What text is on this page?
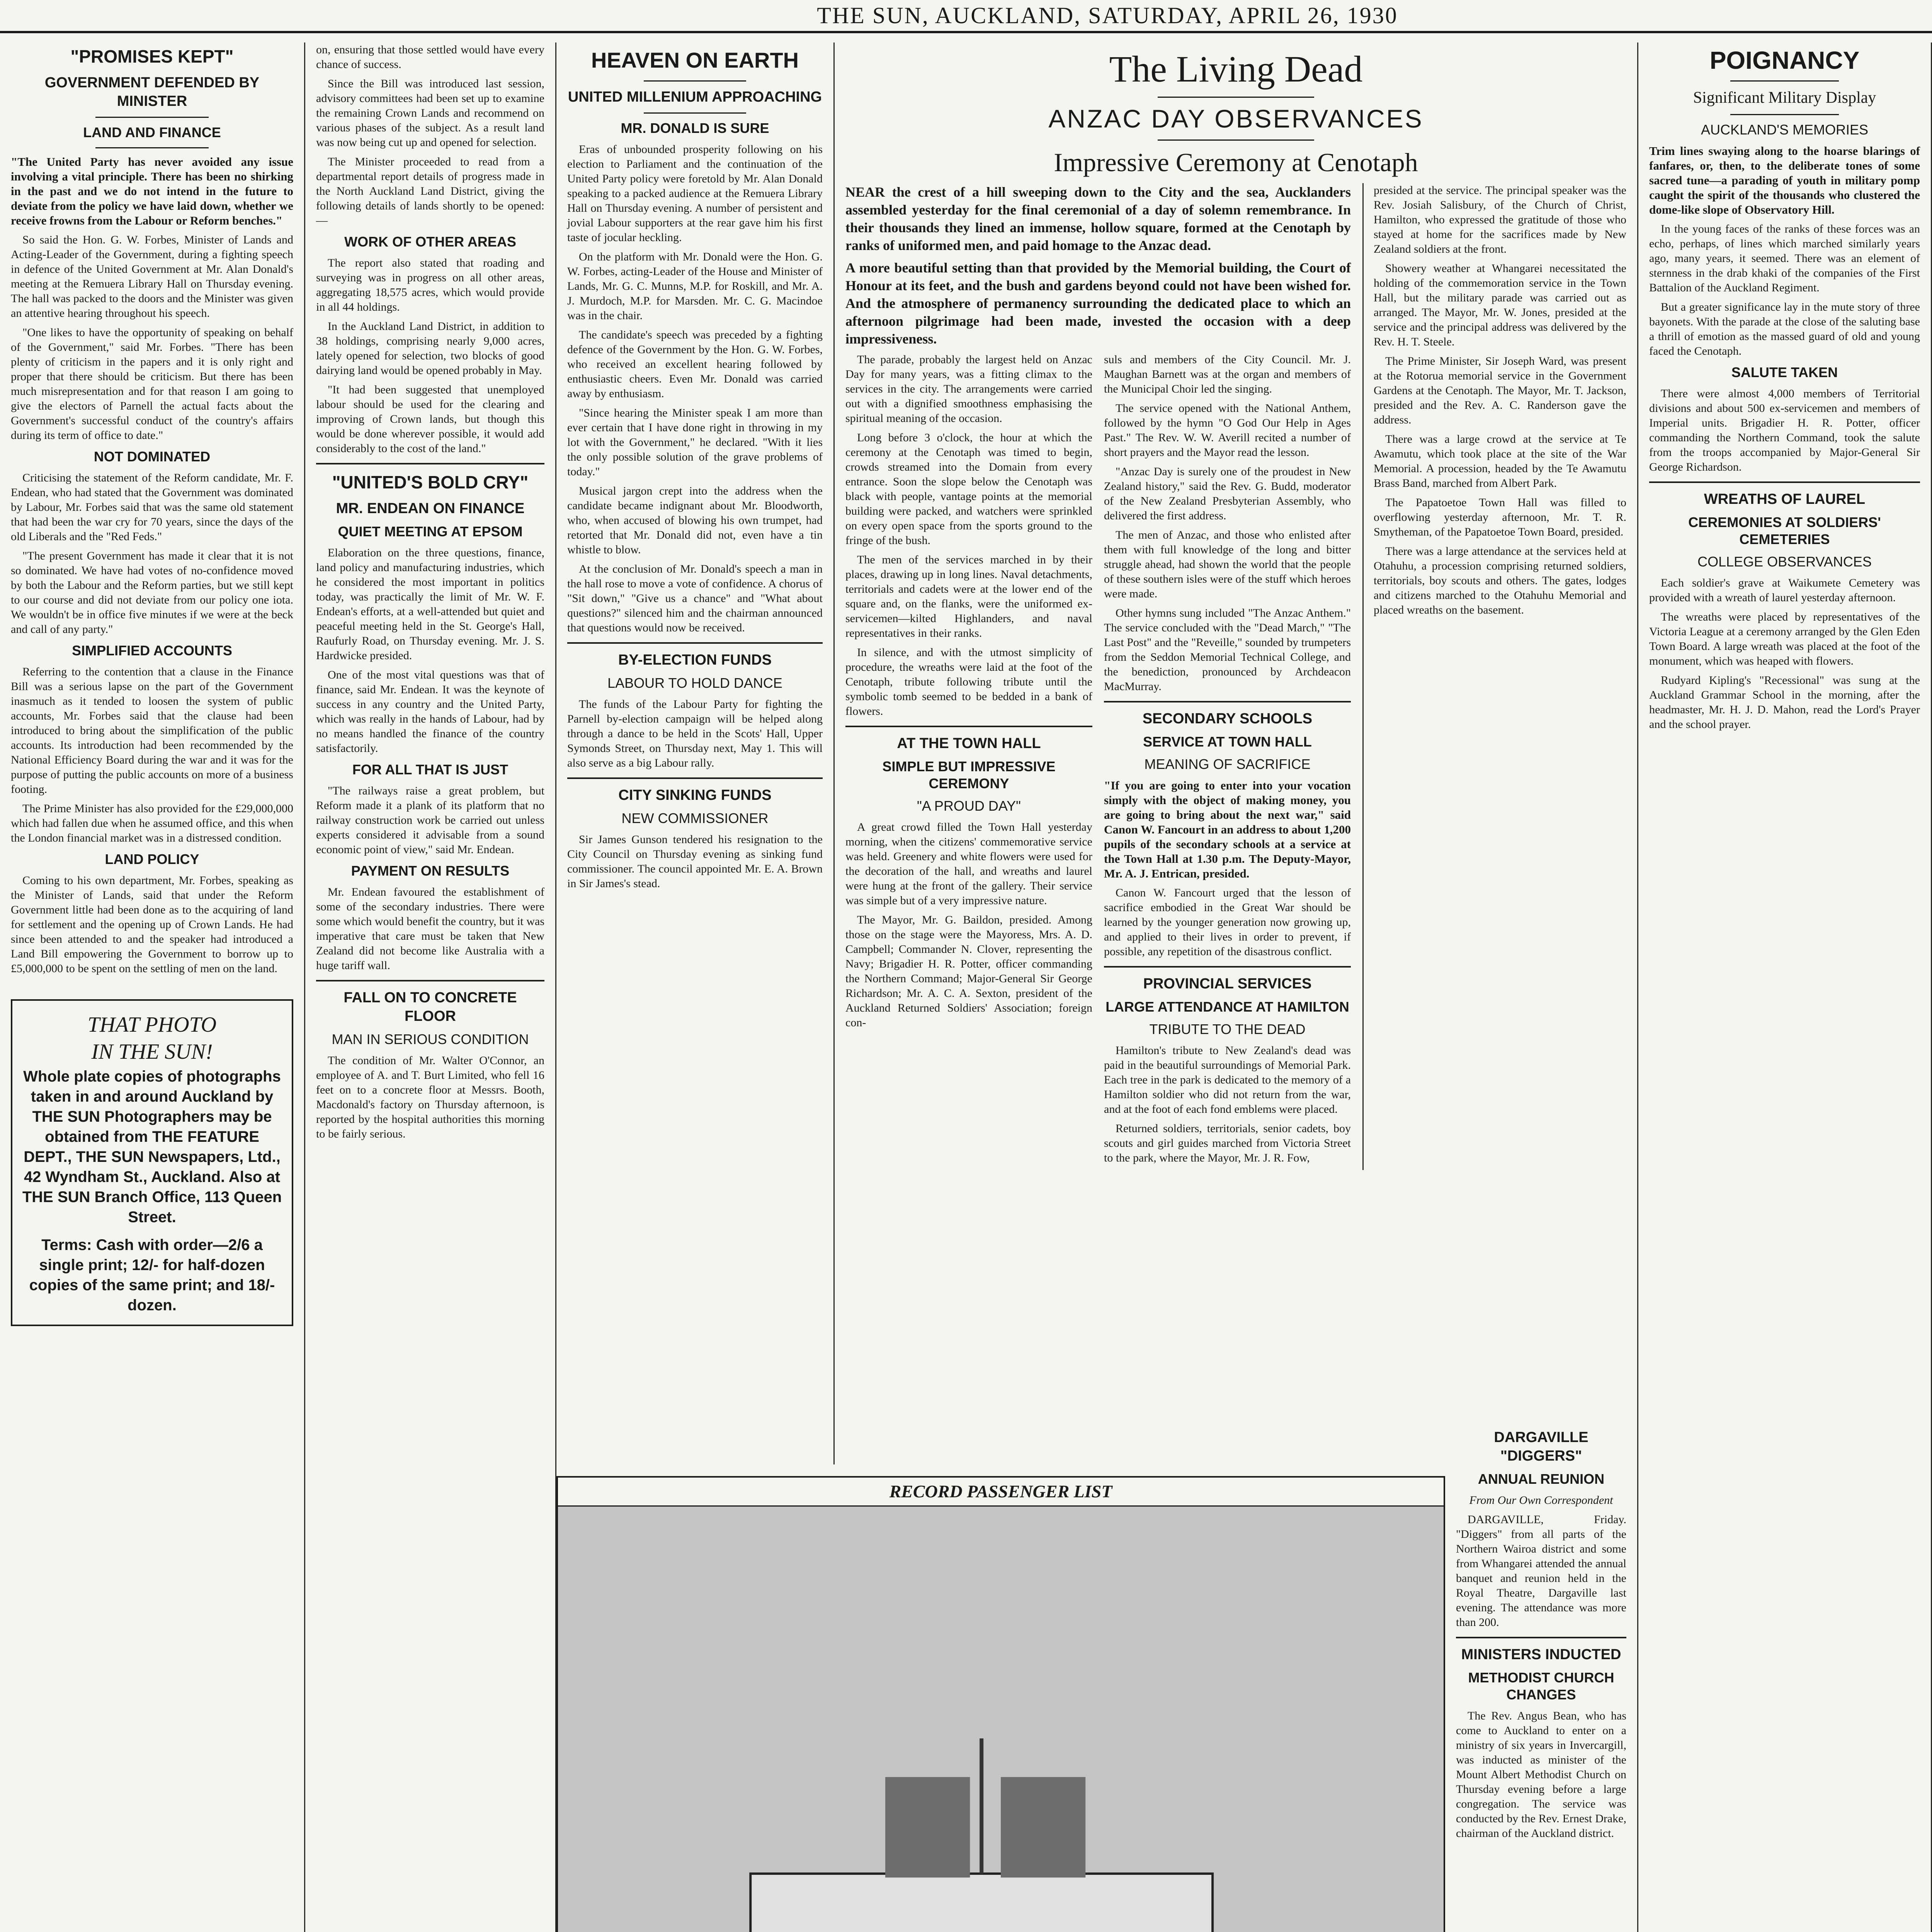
THE SUN, AUCKLAND, SATURDAY, APRIL 26, 1930
"PROMISES KEPT"
GOVERNMENT DEFENDED BY MINISTER
LAND AND FINANCE

"The United Party has never avoided any issue involving a vital principle. There has been no shirking in the past and we do not intend in the future to deviate from the policy we have laid down, whether we receive frowns from the Labour or Reform benches."

So said the Hon. G. W. Forbes, Minister of Lands and Acting-Leader of the Government, during a fighting speech in defence of the United Government at Mr. Alan Donald's meeting at the Remuera Library Hall on Thursday evening. The hall was packed to the doors and the Minister was given an attentive hearing throughout his speech.

"One likes to have the opportunity of speaking on behalf of the Government," said Mr. Forbes. "There has been plenty of criticism in the papers and it is only right and proper that there should be criticism. But there has been much misrepresentation and for that reason I am going to give the electors of Parnell the actual facts about the Government's successful conduct of the country's affairs during its term of office to date."

NOT DOMINATED

Criticising the statement of the Reform candidate, Mr. F. Endean, who had stated that the Government was dominated by Labour, Mr. Forbes said that was the same old statement that had been the war cry for 70 years, since the days of the old Liberals and the "Red Feds."

"The present Government has made it clear that it is not so dominated. We have had votes of no-confidence moved by both the Labour and the Reform parties, but we still kept to our course and did not deviate from our policy one iota. We wouldn't be in office five minutes if we were at the beck and call of any party."

SIMPLIFIED ACCOUNTS

Referring to the contention that a clause in the Finance Bill was a serious lapse on the part of the Government inasmuch as it tended to loosen the system of public accounts, Mr. Forbes said that the clause had been introduced to bring about the simplification of the public accounts. Its introduction had been recommended by the National Efficiency Board during the war and it was for the purpose of putting the public accounts on more of a business footing.

The Prime Minister has also provided for the £29,000,000 which had fallen due when he assumed office, and this when the London financial market was in a distressed condition.

LAND POLICY

Coming to his own department, Mr. Forbes, speaking as the Minister of Lands, said that under the Reform Government little had been done as to the acquiring of land for settlement and the opening up of Crown Lands. He had since been attended to and the speaker had introduced a Land Bill empowering the Government to borrow up to £5,000,000 to be spent on the settling of men on the land.

THAT PHOTO
IN THE SUN!
Whole plate copies of photographs taken in and around Auckland by THE SUN Photographers may be obtained from THE FEATURE DEPT., THE SUN Newspapers, Ltd., 42 Wyndham St., Auckland. Also at THE SUN Branch Office, 113 Queen Street.
Terms: Cash with order—2/6 a single print; 12/- for half-dozen copies of the same print; and 18/- dozen.

on, ensuring that those settled would have every chance of success.

Since the Bill was introduced last session, advisory committees had been set up to examine the remaining Crown Lands and recommend on various phases of the subject. As a result land was now being cut up and opened for selection.

The Minister proceeded to read from a departmental report details of progress made in the North Auckland Land District, giving the following details of lands shortly to be opened:—

WORK OF OTHER AREAS

The report also stated that roading and surveying was in progress on all other areas, aggregating 18,575 acres, which would provide in all 44 holdings.

In the Auckland Land District, in addition to 38 holdings, comprising nearly 9,000 acres, lately opened for selection, two blocks of good dairying land would be opened probably in May.

"It had been suggested that unemployed labour should be used for the clearing and improving of Crown lands, but though this would be done wherever possible, it would add considerably to the cost of the land."

"UNITED'S BOLD CRY"
MR. ENDEAN ON FINANCE
QUIET MEETING AT EPSOM

Elaboration on the three questions, finance, land policy and manufacturing industries, which he considered the most important in politics today, was practically the limit of Mr. W. F. Endean's efforts, at a well-attended but quiet and peaceful meeting held in the St. George's Hall, Raufurly Road, on Thursday evening. Mr. J. S. Hardwicke presided.

One of the most vital questions was that of finance, said Mr. Endean. It was the keynote of success in any country and the United Party, which was really in the hands of Labour, had by no means handled the finance of the country satisfactorily.

FOR ALL THAT IS JUST

"The railways raise a great problem, but Reform made it a plank of its platform that no railway construction work be carried out unless experts considered it advisable from a sound economic point of view," said Mr. Endean.

PAYMENT ON RESULTS

Mr. Endean favoured the establishment of some of the secondary industries. There were some which would benefit the country, but it was imperative that care must be taken that New Zealand did not become like Australia with a huge tariff wall.

FALL ON TO CONCRETE FLOOR
MAN IN SERIOUS CONDITION

The condition of Mr. Walter O'Connor, an employee of A. and T. Burt Limited, who fell 16 feet on to a concrete floor at Messrs. Booth, Macdonald's factory on Thursday afternoon, is reported by the hospital authorities this morning to be fairly serious.

HEAVEN ON EARTH
UNITED MILLENIUM APPROACHING
MR. DONALD IS SURE

Eras of unbounded prosperity following on his election to Parliament and the continuation of the United Party policy were foretold by Mr. Alan Donald speaking to a packed audience at the Remuera Library Hall on Thursday evening. A number of persistent and jovial Labour supporters at the rear gave him his first taste of jocular heckling.

On the platform with Mr. Donald were the Hon. G. W. Forbes, acting-Leader of the House and Minister of Lands, Mr. G. C. Munns, M.P. for Roskill, and Mr. A. J. Murdoch, M.P. for Marsden. Mr. C. G. Macindoe was in the chair.

The candidate's speech was preceded by a fighting defence of the Government by the Hon. G. W. Forbes, who received an excellent hearing followed by enthusiastic cheers. Even Mr. Donald was carried away by enthusiasm.

"Since hearing the Minister speak I am more than ever certain that I have done right in throwing in my lot with the Government," he declared. "With it lies the only possible solution of the grave problems of today."

Musical jargon crept into the address when the candidate became indignant about Mr. Bloodworth, who, when accused of blowing his own trumpet, had retorted that Mr. Donald did not, even have a tin whistle to blow.

At the conclusion of Mr. Donald's speech a man in the hall rose to move a vote of confidence. A chorus of "Sit down," "Give us a chance" and "What about questions?" silenced him and the chairman announced that questions would now be received.

BY-ELECTION FUNDS
LABOUR TO HOLD DANCE

The funds of the Labour Party for fighting the Parnell by-election campaign will be helped along through a dance to be held in the Scots' Hall, Upper Symonds Street, on Thursday next, May 1. This will also serve as a big Labour rally.

CITY SINKING FUNDS
NEW COMMISSIONER

Sir James Gunson tendered his resignation to the City Council on Thursday evening as sinking fund commissioner. The council appointed Mr. E. A. Brown in Sir James's stead.

The Living Dead
ANZAC DAY OBSERVANCES
Impressive Ceremony at Cenotaph

NEAR the crest of a hill sweeping down to the City and the sea, Aucklanders assembled yesterday for the final ceremonial of a day of solemn remembrance. In their thousands they lined an immense, hollow square, formed at the Cenotaph by ranks of uniformed men, and paid homage to the Anzac dead.

A more beautiful setting than that provided by the Memorial building, the Court of Honour at its feet, and the bush and gardens beyond could not have been wished for. And the atmosphere of permanency surrounding the dedicated place to which an afternoon pilgrimage had been made, invested the occasion with a deep impressiveness.

The parade, probably the largest held on Anzac Day for many years, was a fitting climax to the services in the city. The arrangements were carried out with a dignified smoothness emphasising the spiritual meaning of the occasion.

Long before 3 o'clock, the hour at which the ceremony at the Cenotaph was timed to begin, crowds streamed into the Domain from every entrance. Soon the slope below the Cenotaph was black with people, vantage points at the memorial building were packed, and watchers were sprinkled on every open space from the sports ground to the fringe of the bush.

The men of the services marched in by their places, drawing up in long lines. Naval detachments, territorials and cadets were at the lower end of the square and, on the flanks, were the uniformed ex-servicemen—kilted Highlanders, and naval representatives in their ranks.

In silence, and with the utmost simplicity of procedure, the wreaths were laid at the foot of the Cenotaph, tribute following tribute until the symbolic tomb seemed to be bedded in a bank of flowers.

AT THE TOWN HALL
SIMPLE BUT IMPRESSIVE CEREMONY
"A PROUD DAY"

A great crowd filled the Town Hall yesterday morning, when the citizens' commemorative service was held. Greenery and white flowers were used for the decoration of the hall, and wreaths and laurel were hung at the front of the gallery. Their service was simple but of a very impressive nature.

The Mayor, Mr. G. Baildon, presided. Among those on the stage were the Mayoress, Mrs. A. D. Campbell; Commander N. Clover, representing the Navy; Brigadier H. R. Potter, officer commanding the Northern Command; Major-General Sir George Richardson; Mr. A. C. A. Sexton, president of the Auckland Returned Soldiers' Association; foreign con-

suls and members of the City Council. Mr. J. Maughan Barnett was at the organ and members of the Municipal Choir led the singing.

The service opened with the National Anthem, followed by the hymn "O God Our Help in Ages Past." The Rev. W. W. Averill recited a number of short prayers and the Mayor read the lesson.

"Anzac Day is surely one of the proudest in New Zealand history," said the Rev. G. Budd, moderator of the New Zealand Presbyterian Assembly, who delivered the first address.

The men of Anzac, and those who enlisted after them with full knowledge of the long and bitter struggle ahead, had shown the world that the people of these southern isles were of the stuff which heroes were made.

Other hymns sung included "The Anzac Anthem." The service concluded with the "Dead March," "The Last Post" and the "Reveille," sounded by trumpeters from the Seddon Memorial Technical College, and the benediction, pronounced by Archdeacon MacMurray.

SECONDARY SCHOOLS
SERVICE AT TOWN HALL
MEANING OF SACRIFICE

"If you are going to enter into your vocation simply with the object of making money, you are going to bring about the next war," said Canon W. Fancourt in an address to about 1,200 pupils of the secondary schools at a service at the Town Hall at 1.30 p.m. The Deputy-Mayor, Mr. A. J. Entrican, presided.

Canon W. Fancourt urged that the lesson of sacrifice embodied in the Great War should be learned by the younger generation now growing up, and applied to their lives in order to prevent, if possible, any repetition of the disastrous conflict.

PROVINCIAL SERVICES
LARGE ATTENDANCE AT HAMILTON
TRIBUTE TO THE DEAD

Hamilton's tribute to New Zealand's dead was paid in the beautiful surroundings of Memorial Park. Each tree in the park is dedicated to the memory of a Hamilton soldier who did not return from the war, and at the foot of each fond emblems were placed.

Returned soldiers, territorials, senior cadets, boy scouts and girl guides marched from Victoria Street to the park, where the Mayor, Mr. J. R. Fow,

presided at the service. The principal speaker was the Rev. Josiah Salisbury, of the Church of Christ, Hamilton, who expressed the gratitude of those who stayed at home for the sacrifices made by New Zealand soldiers at the front.

Showery weather at Whangarei necessitated the holding of the commemoration service in the Town Hall, but the military parade was carried out as arranged. The Mayor, Mr. W. Jones, presided at the service and the principal address was delivered by the Rev. H. T. Steele.

The Prime Minister, Sir Joseph Ward, was present at the Rotorua memorial service in the Government Gardens at the Cenotaph. The Mayor, Mr. T. Jackson, presided and the Rev. A. C. Randerson gave the address.

There was a large crowd at the service at Te Awamutu, which took place at the site of the War Memorial. A procession, headed by the Te Awamutu Brass Band, marched from Albert Park.

The Papatoetoe Town Hall was filled to overflowing yesterday afternoon, Mr. T. R. Smytheman, of the Papatoetoe Town Board, presided.

There was a large attendance at the services held at Otahuhu, a procession comprising returned soldiers, territorials, boy scouts and others. The gates, lodges and citizens marched to the Otahuhu Memorial and placed wreaths on the basement.

RECORD PASSENGER LIST
DARGAVILLE "DIGGERS"
ANNUAL REUNION

From Our Own Correspondent

DARGAVILLE, Friday. "Diggers" from all parts of the Northern Wairoa district and some from Whangarei attended the annual banquet and reunion held in the Royal Theatre, Dargaville last evening. The attendance was more than 200.

MINISTERS INDUCTED
METHODIST CHURCH CHANGES

The Rev. Angus Bean, who has come to Auckland to enter on a ministry of six years in Invercargill, was inducted as minister of the Mount Albert Methodist Church on Thursday evening before a large congregation. The service was conducted by the Rev. Ernest Drake, chairman of the Auckland district.

POIGNANCY
Significant Military Display
AUCKLAND'S MEMORIES

Trim lines swaying along to the hoarse blarings of fanfares, or, then, to the deliberate tones of some sacred tune—a parading of youth in military pomp caught the spirit of the thousands who clustered the dome-like slope of Observatory Hill.

In the young faces of the ranks of these forces was an echo, perhaps, of lines which marched similarly years ago, many years, it seemed. There was an element of sternness in the drab khaki of the companies of the First Battalion of the Auckland Regiment.

But a greater significance lay in the mute story of three bayonets. With the parade at the close of the saluting base a thrill of emotion as the massed guard of old and young faced the Cenotaph.

SALUTE TAKEN

There were almost 4,000 members of Territorial divisions and about 500 ex-servicemen and members of Imperial units. Brigadier H. R. Potter, officer commanding the Northern Command, took the salute from the troops accompanied by Major-General Sir George Richardson.

WREATHS OF LAUREL
CEREMONIES AT SOLDIERS' CEMETERIES
COLLEGE OBSERVANCES

Each soldier's grave at Waikumete Cemetery was provided with a wreath of laurel yesterday afternoon.

The wreaths were placed by representatives of the Victoria League at a ceremony arranged by the Glen Eden Town Board. A large wreath was placed at the foot of the monument, which was heaped with flowers.

Rudyard Kipling's "Recessional" was sung at the Auckland Grammar School in the morning, after the headmaster, Mr. H. J. D. Mahon, read the Lord's Prayer and the school prayer.
